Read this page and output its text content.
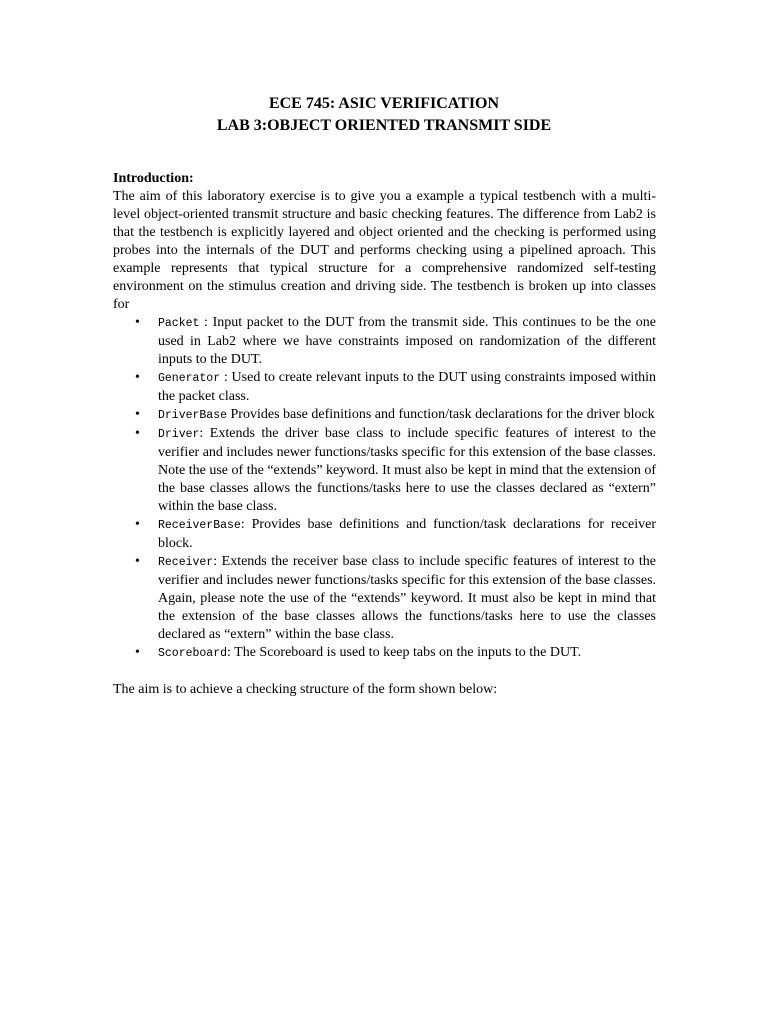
ECE 745: ASIC VERIFICATION
LAB 3:OBJECT ORIENTED TRANSMIT SIDE

Introduction:

The aim of this laboratory exercise is to give you a example a typical testbench with a multi-level object-oriented transmit structure and basic checking features. The difference from Lab2 is that the testbench is explicitly layered and object oriented and the checking is performed using probes into the internals of the DUT and performs checking using a pipelined aproach. This example represents that typical structure for a comprehensive randomized self-testing environment on the stimulus creation and driving side. The testbench is broken up into classes for

• Packet : Input packet to the DUT from the transmit side. This continues to be the one used in Lab2 where we have constraints imposed on randomization of the different inputs to the DUT.
• Generator : Used to create relevant inputs to the DUT using constraints imposed within the packet class.
• DriverBase Provides base definitions and function/task declarations for the driver block
• Driver: Extends the driver base class to include specific features of interest to the verifier and includes newer functions/tasks specific for this extension of the base classes. Note the use of the “extends” keyword. It must also be kept in mind that the extension of the base classes allows the functions/tasks here to use the classes declared as “extern” within the base class.
• ReceiverBase: Provides base definitions and function/task declarations for receiver block.
• Receiver: Extends the receiver base class to include specific features of interest to the verifier and includes newer functions/tasks specific for this extension of the base classes. Again, please note the use of the “extends” keyword. It must also be kept in mind that the extension of the base classes allows the functions/tasks here to use the classes declared as “extern” within the base class.
• Scoreboard: The Scoreboard is used to keep tabs on the inputs to the DUT.

The aim is to achieve a checking structure of the form shown below:
